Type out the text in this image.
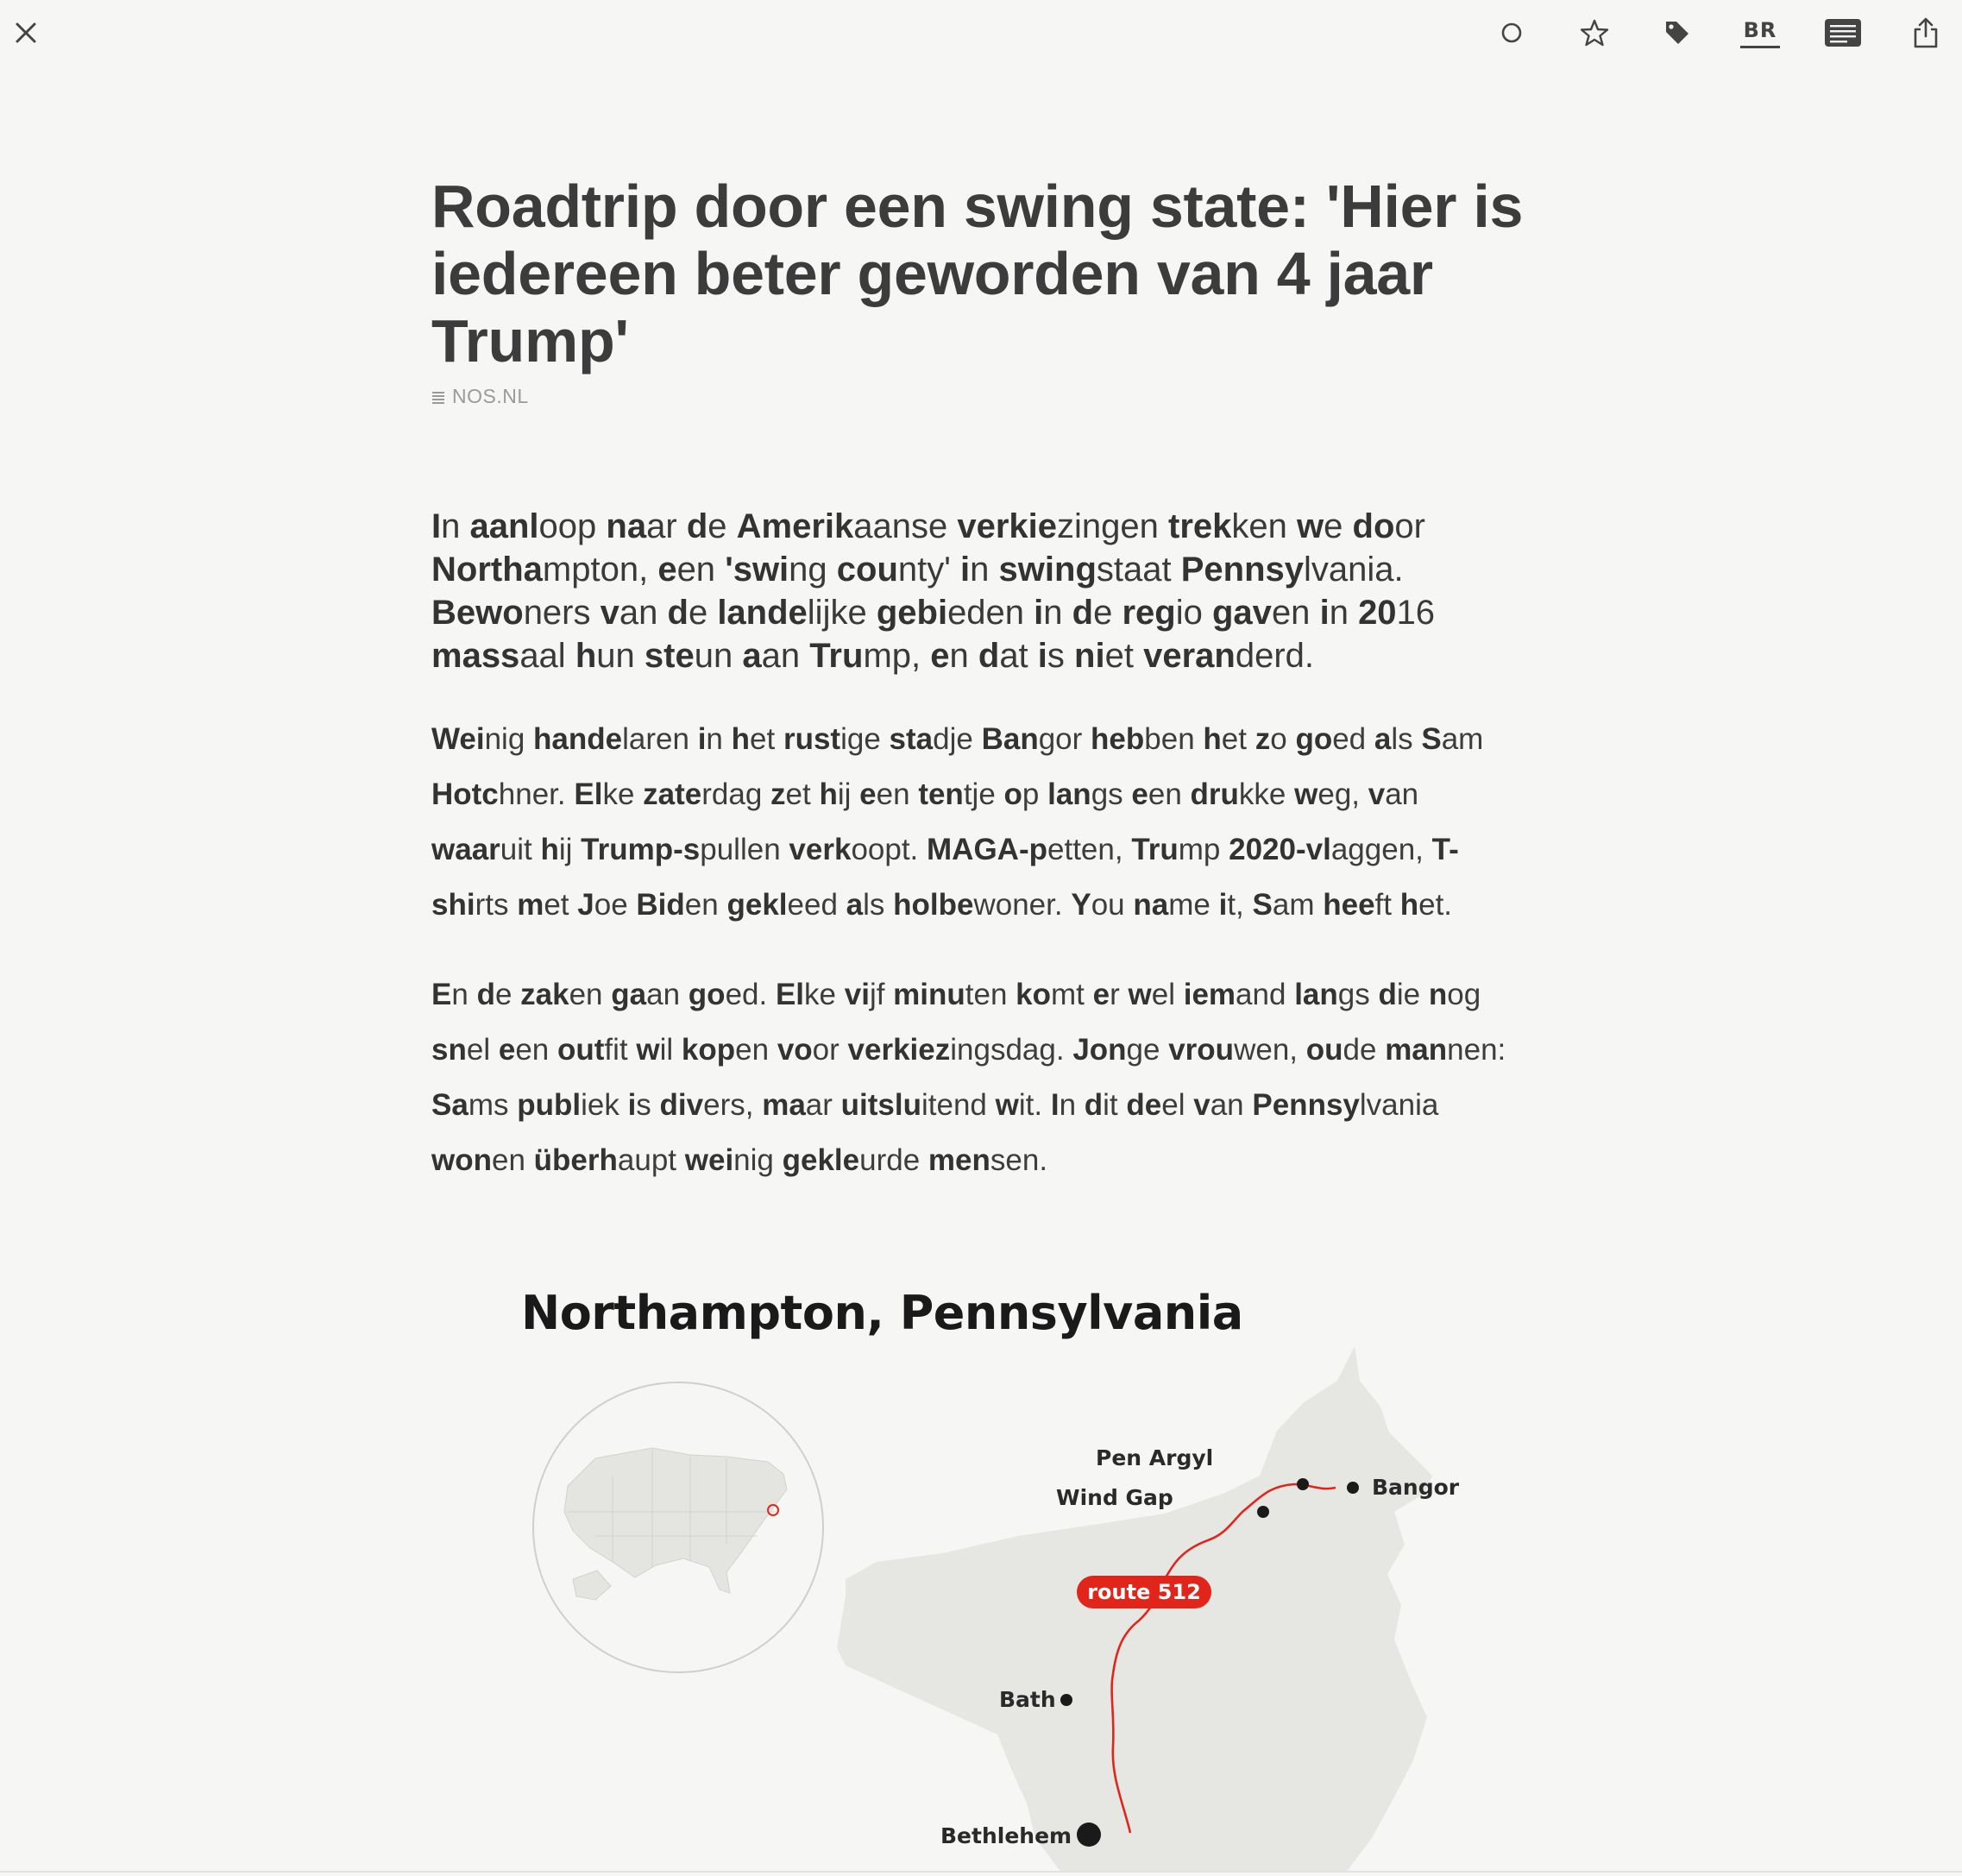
BR
Roadtrip door een swing state: 'Hier is iedereen beter geworden van 4 jaar Trump'
NOS.NL

In aanloop naar de Amerikaanse verkiezingen trekken we door Northampton, een 'swing county' in swingstaat Pennsylvania. Bewoners van de landelijke gebieden in de regio gaven in 2016 massaal hun steun aan Trump, en dat is niet veranderd.

Weinig handelaren in het rustige stadje Bangor hebben het zo goed als Sam Hotchner. Elke zaterdag zet hij een tentje op langs een drukke weg, van waaruit hij Trump-spullen verkoopt. MAGA-petten, Trump 2020-vlaggen, T-shirts met Joe Biden gekleed als holbewoner. You name it, Sam heeft het.

En de zaken gaan goed. Elke vijf minuten komt er wel iemand langs die nog snel een outfit wil kopen voor verkiezingsdag. Jonge vrouwen, oude mannen: Sams publiek is divers, maar uitsluitend wit. In dit deel van Pennsylvania wonen überhaupt weinig gekleurde mensen.

Northampton, Pennsylvania
route 512
Pen Argyl
Bangor
Wind Gap
Bath
Bethlehem
